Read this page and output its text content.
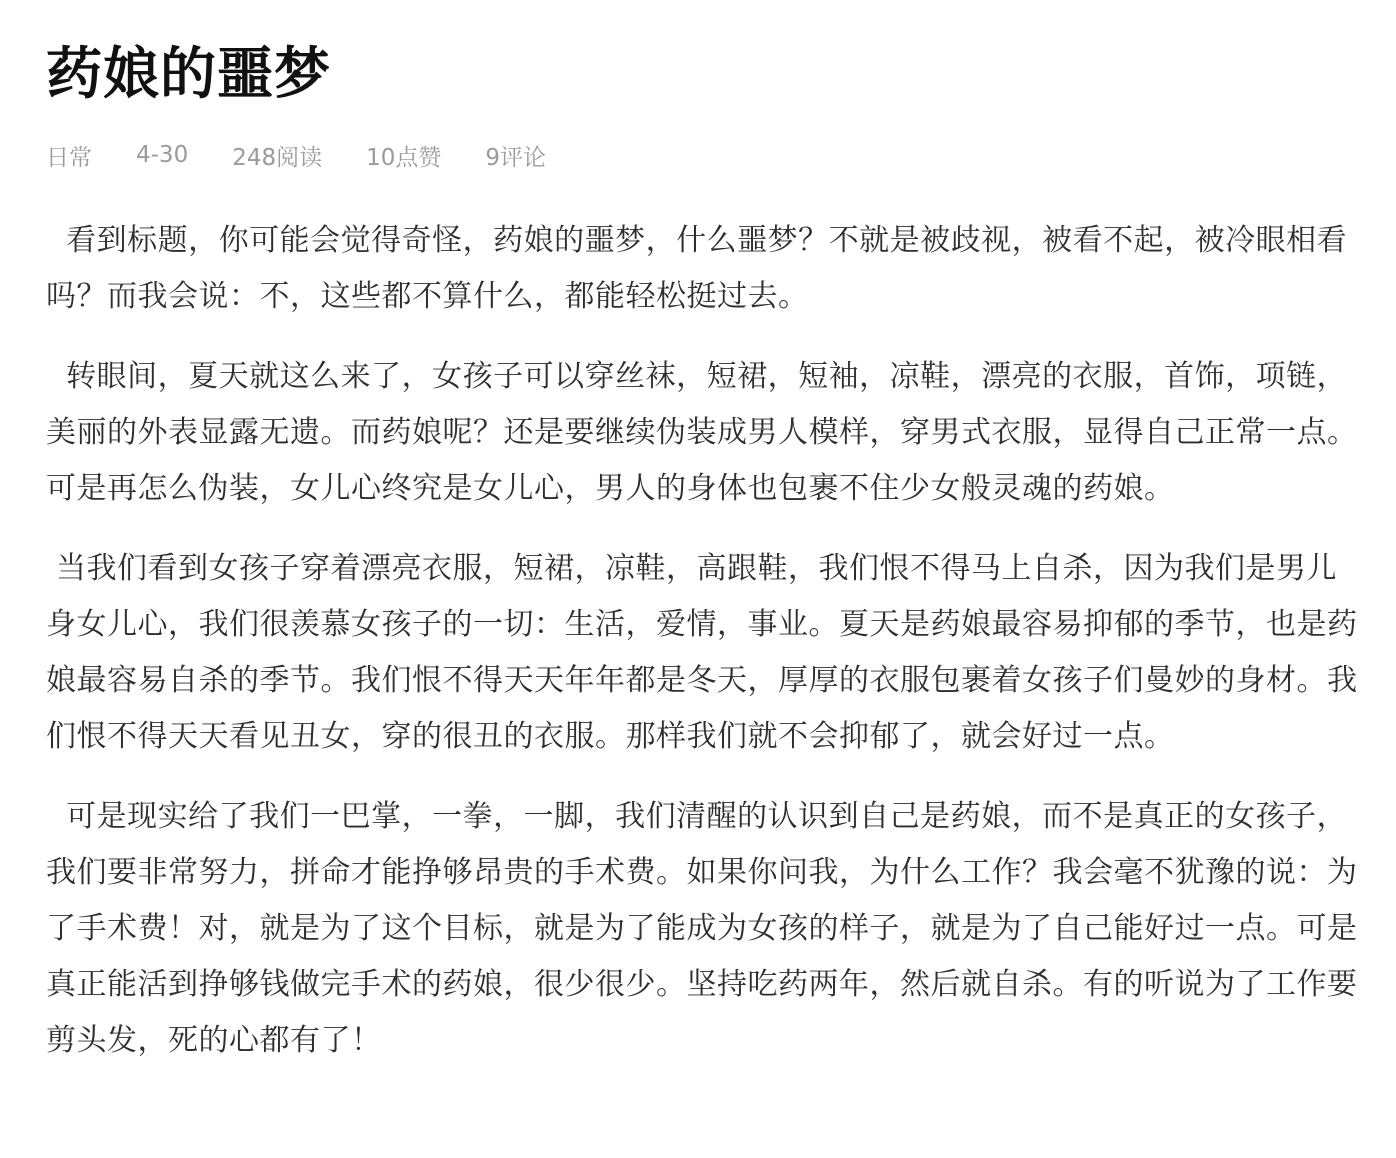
药娘的噩梦
日常 4-30 248阅读 10点赞 9评论

看到标题，你可能会觉得奇怪，药娘的噩梦，什么噩梦？不就是被歧视，被看不起，被冷眼相看吗？而我会说：不，这些都不算什么，都能轻松挺过去。

转眼间，夏天就这么来了，女孩子可以穿丝袜，短裙，短袖，凉鞋，漂亮的衣服，首饰，项链，美丽的外表显露无遗。而药娘呢？还是要继续伪装成男人模样，穿男式衣服，显得自己正常一点。可是再怎么伪装，女儿心终究是女儿心，男人的身体也包裹不住少女般灵魂的药娘。

当我们看到女孩子穿着漂亮衣服，短裙，凉鞋，高跟鞋，我们恨不得马上自杀，因为我们是男儿身女儿心，我们很羡慕女孩子的一切：生活，爱情，事业。夏天是药娘最容易抑郁的季节，也是药娘最容易自杀的季节。我们恨不得天天年年都是冬天，厚厚的衣服包裹着女孩子们曼妙的身材。我们恨不得天天看见丑女，穿的很丑的衣服。那样我们就不会抑郁了，就会好过一点。

可是现实给了我们一巴掌，一拳，一脚，我们清醒的认识到自己是药娘，而不是真正的女孩子，我们要非常努力，拼命才能挣够昂贵的手术费。如果你问我，为什么工作？我会毫不犹豫的说：为了手术费！对，就是为了这个目标，就是为了能成为女孩的样子，就是为了自己能好过一点。可是真正能活到挣够钱做完手术的药娘，很少很少。坚持吃药两年，然后就自杀。有的听说为了工作要剪头发，死的心都有了！
